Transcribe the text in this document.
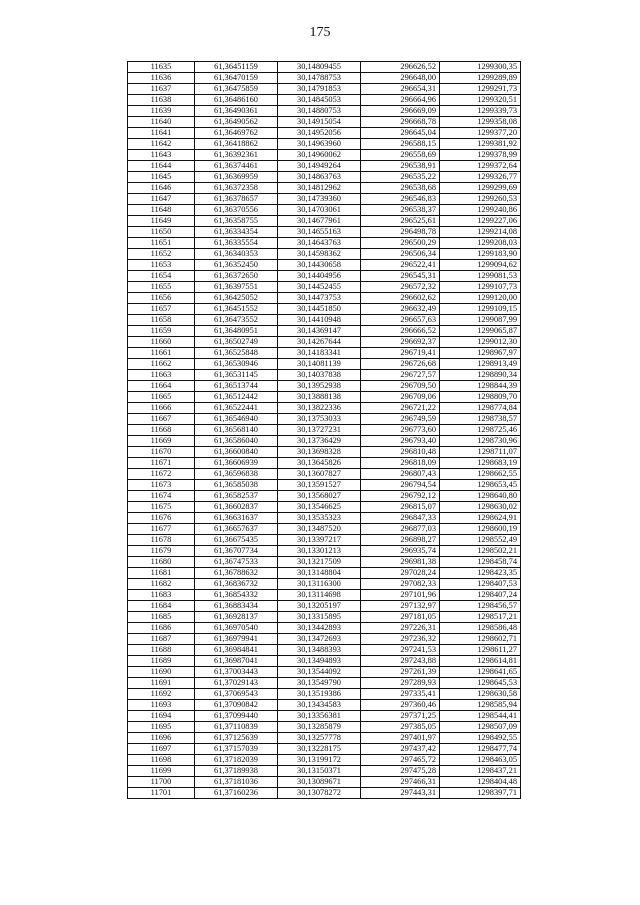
175
11635	61,36451159	30,14809455	296626,52	1299300,35
11636	61,36470159	30,14788753	296648,00	1299289,89
11637	61,36475859	30,14791853	296654,31	1299291,73
11638	61,36486160	30,14845053	296664,96	1299320,51
11639	61,36490361	30,14880753	296669,09	1299339,73
11640	61,36490562	30,14915054	296668,78	1299358,08
11641	61,36469762	30,14952056	296645,04	1299377,20
11642	61,36418862	30,14963960	296588,15	1299381,92
11643	61,36392361	30,14960062	296558,69	1299378,99
11644	61,36374461	30,14949264	296538,91	1299372,64
11645	61,36369959	30,14863763	296535,22	1299326,77
11646	61,36372358	30,14812962	296538,68	1299299,69
11647	61,36378657	30,14739360	296546,83	1299260,53
11648	61,36370556	30,14703061	296538,37	1299240,86
11649	61,36358755	30,14677961	296525,61	1299227,06
11650	61,36334354	30,14655163	296498,78	1299214,08
11651	61,36335554	30,14643763	296500,29	1299208,03
11652	61,36340353	30,14598362	296506,34	1299183,90
11653	61,36352450	30,14430658	296522,41	1299094,62
11654	61,36372650	30,14404956	296545,31	1299081,53
11655	61,36397551	30,14452455	296572,32	1299107,73
11656	61,36425052	30,14473753	296602,62	1299120,00
11657	61,36451552	30,14451850	296632,49	1299109,15
11658	61,36473552	30,14410948	296657,63	1299087,99
11659	61,36480951	30,14369147	296666,52	1299065,87
11660	61,36502749	30,14267644	296692,37	1299012,30
11661	61,36525848	30,14183341	296719,41	1298967,97
11662	61,36530946	30,14081139	296726,68	1298913,49
11663	61,36531145	30,14037838	296727,57	1298890,34
11664	61,36513744	30,13952938	296709,50	1298844,39
11665	61,36512442	30,13888138	296709,06	1298809,70
11666	61,36522441	30,13822336	296721,22	1298774,84
11667	61,36546940	30,13753033	296749,59	1298738,57
11668	61,36568140	30,13727231	296773,60	1298725,46
11669	61,36586040	30,13736429	296793,40	1298730,96
11670	61,36600840	30,13698328	296810,48	1298711,07
11671	61,36606939	30,13645826	296818,09	1298683,19
11672	61,36596838	30,13607827	296807,43	1298662,55
11673	61,36585038	30,13591527	296794,54	1298653,45
11674	61,36582537	30,13568027	296792,12	1298640,80
11675	61,36602837	30,13546625	296815,07	1298630,02
11676	61,36631637	30,13535323	296847,33	1298624,91
11677	61,36657637	30,13487520	296877,03	1298600,19
11678	61,36675435	30,13397217	296898,27	1298552,49
11679	61,36707734	30,13301213	296935,74	1298502,21
11680	61,36747533	30,13217509	296981,38	1298458,74
11681	61,36788632	30,13148804	297028,24	1298423,35
11682	61,36836732	30,13116300	297082,33	1298407,53
11683	61,36854332	30,13114698	297101,96	1298407,24
11684	61,36883434	30,13205197	297132,97	1298456,57
11685	61,36928137	30,13315895	297181,05	1298517,21
11686	61,36970540	30,13442893	297226,31	1298586,48
11687	61,36979941	30,13472693	297236,32	1298602,71
11688	61,36984841	30,13488393	297241,53	1298611,27
11689	61,36987041	30,13494893	297243,88	1298614,81
11690	61,37003443	30,13544092	297261,39	1298641,65
11691	61,37029143	30,13549790	297289,93	1298645,53
11692	61,37069543	30,13519386	297335,41	1298630,58
11693	61,37090842	30,13434583	297360,46	1298585,94
11694	61,37099440	30,13356381	297371,25	1298544,41
11695	61,37110839	30,13285879	297385,05	1298507,09
11696	61,37125639	30,13257778	297401,97	1298492,55
11697	61,37157039	30,13228175	297437,42	1298477,74
11698	61,37182039	30,13199172	297465,72	1298463,05
11699	61,37189938	30,13150371	297475,28	1298437,21
11700	61,37181036	30,13089671	297466,31	1298404,48
11701	61,37160236	30,13078272	297443,31	1298397,71
